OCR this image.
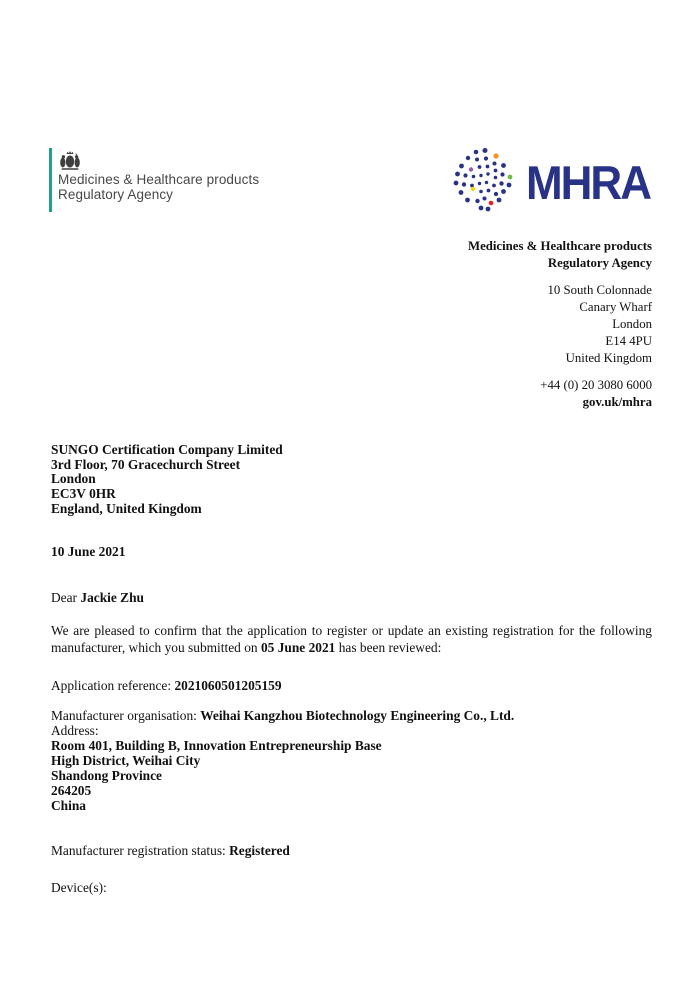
Medicines & Healthcare products
Regulatory Agency	MHRA
Medicines & Healthcare products
Regulatory Agency
10 South Colonnade
Canary Wharf
London
E14 4PU
United Kingdom
+44 (0) 20 3080 6000
gov.uk/mhra
SUNGO Certification Company Limited
3rd Floor, 70 Gracechurch Street
London
EC3V 0HR
England, United Kingdom
10 June 2021
Dear Jackie Zhu
We are pleased to confirm that the application to register or update an existing registration for the following manufacturer, which you submitted on 05 June 2021 has been reviewed:
Application reference: 2021060501205159
Manufacturer organisation: Weihai Kangzhou Biotechnology Engineering Co., Ltd.
Address:
Room 401, Building B, Innovation Entrepreneurship Base
High District, Weihai City
Shandong Province
264205
China
Manufacturer registration status: Registered
Device(s):
